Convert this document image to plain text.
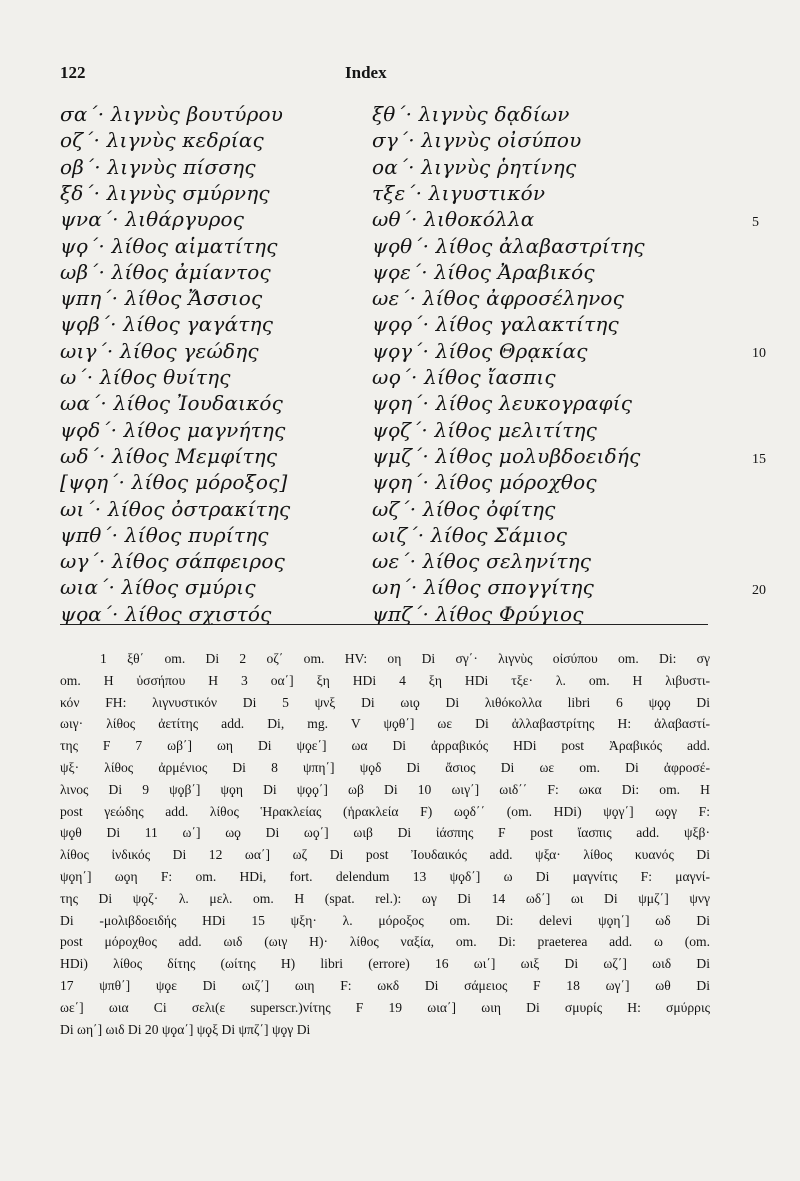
122	Index
σα΄· λιγνὺς βουτύρου
οζ΄· λιγνὺς κεδρίας
οβ΄· λιγνὺς πίσσης
ξδ΄· λιγνὺς σμύρνης
ψνα΄· λιθάργυρος
ψϙ΄· λίθος αἱματίτης
ωβ΄· λίθος ἀμίαντος
ψπη΄· λίθος Ἄσσιος
ψϙβ΄· λίθος γαγάτης
ωιγ΄· λίθος γεώδης
ω΄· λίθος θυίτης
ωα΄· λίθος Ἰουδαικός
ψϙδ΄· λίθος μαγνήτης
ωδ΄· λίθος Μεμφίτης
[ψϙη΄· λίθος μόροξος]
ωι΄· λίθος ὀστρακίτης
ψπθ΄· λίθος πυρίτης
ωγ΄· λίθος σάπφειρος
ωια΄· λίθος σμύρις
ψϙα΄· λίθος σχιστός
ξθ΄· λιγνὺς δᾳδίων
σγ΄· λιγνὺς οἰσύπου
οα΄· λιγνὺς ῥητίνης
τξε΄· λιγυστικόν
ωθ΄· λιθοκόλλα
ψϙθ΄· λίθος ἀλαβαστρίτης
ψϙε΄· λίθος Ἀραβικός
ωε΄· λίθος ἀφροσέληνος
ψϙϙ΄· λίθος γαλακτίτης
ψϙγ΄· λίθος Θρᾳκίας
ωϙ΄· λίθος ἴασπις
ψϙη΄· λίθος λευκογραφίς
ψϙζ΄· λίθος μελιτίτης
ψμζ΄· λίθος μολυβδοειδής
ψϙη΄· λίθος μόροχθος
ωζ΄· λίθος ὀφίτης
ωιζ΄· λίθος Σάμιος
ωε΄· λίθος σεληνίτης
ωη΄· λίθος σπογγίτης
ψπζ΄· λίθος Φρύγιος
5
10
15
20
1 ξθ΄ om. Di 2 οζ΄ om. HV: οη Di σγ΄· λιγνὺς οἰσύπου om. Di: σγ
om. H ὑσσήπου H 3 οα΄] ξη HDi 4 ξη HDi τξε· λ. om. H λιβυστι-
κόν FH: λιγνυστικόν Di 5 ψνξ Di ωιϙ Di λιθόκολλα libri 6 ψϙϙ Di
ωιγ· λίθος ἀετίτης add. Di, mg. V ψϙθ΄] ωε Di ἀλλαβαστρίτης H: ἀλαβαστί-
της F 7 ωβ΄] ωη Di ψϙε΄] ωα Di ἀρραβικός HDi post Ἀραβικός add.
ψξ· λίθος ἀρμένιος Di 8 ψπη΄] ψϙδ Di ἄσιος Di ωε om. Di ἀφροσέ-
λινος Di 9 ψϙβ΄] ψϙη Di ψϙϙ΄] ωβ Di 10 ωιγ΄] ωιδ΄΄ F: ωκα Di: om. H
post γεώδης add. λίθος Ἡρακλείας (ἡρακλεία F) ωϙδ΄΄ (om. HDi) ψϙγ΄] ωϙγ F:
ψϙθ Di 11 ω΄] ωϙ Di ωϙ΄] ωιβ Di ἰάσπης F post ἴασπις add. ψξβ·
λίθος ἰνδικός Di 12 ωα΄] ωζ Di post Ἰουδαικός add. ψξα· λίθος κυανός Di
ψϙη΄] ωϙη F: om. HDi, fort. delendum 13 ψϙδ΄] ω Di μαγνίτις F: μαγνί-
της Di ψϙζ· λ. μελ. om. H (spat. rel.): ωγ Di 14 ωδ΄] ωι Di ψμζ΄] ψνγ
Di -μολιβδοειδής HDi 15 ψξη· λ. μόροξος om. Di: delevi ψϙη΄] ωδ Di
post μόροχθος add. ωιδ (ωιγ H)· λίθος ναξία, om. Di: praeterea add. ω (om.
HDi) λίθος δίτης (ωίτης H) libri (errore) 16 ωι΄] ωιξ Di ωζ΄] ωιδ Di
17 ψπθ΄] ψϙε Di ωιζ΄] ωιη F: ωκδ Di σάμειος F 18 ωγ΄] ωθ Di
ωε΄] ωια Ci σελι(ε superscr.)νίτης F 19 ωια΄] ωιη Di σμυρίς Η: σμύρρις
Di ωη΄] ωιδ Di 20 ψϙα΄] ψϙξ Di ψπζ΄] ψϙγ Di
